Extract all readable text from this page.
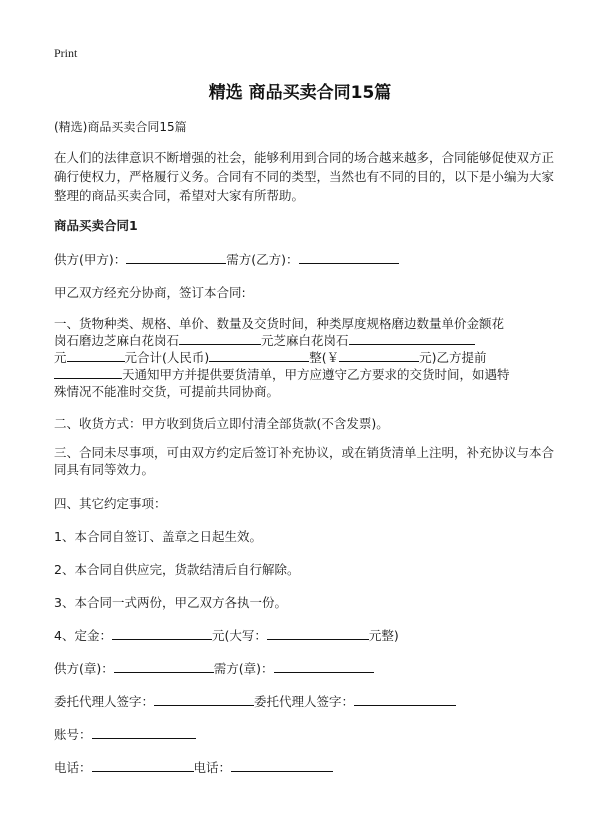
Print
精选 商品买卖合同15篇
(精选)商品买卖合同15篇
在人们的法律意识不断增强的社会，能够利用到合同的场合越来越多，合同能够促使双方正确行使权力，严格履行义务。合同有不同的类型，当然也有不同的目的，以下是小编为大家整理的商品买卖合同，希望对大家有所帮助。
商品买卖合同1
供方(甲方)：	需方(乙方)：
甲乙双方经充分协商，签订本合同:
一、货物种类、规格、单价、数量及交货时间，种类厚度规格磨边数量单价金额花
岗石磨边芝麻白花岗石	元芝麻白花岗石
元	元合计(人民币)	整(￥	元)乙方提前
天通知甲方并提供要货清单，甲方应遵守乙方要求的交货时间，如遇特
殊情况不能准时交货，可提前共同协商。
二、收货方式：甲方收到货后立即付清全部货款(不含发票)。
三、合同未尽事项，可由双方约定后签订补充协议，或在销货清单上注明，补充协议与本合同具有同等效力。
四、其它约定事项：
1、本合同自签订、盖章之日起生效。
2、本合同自供应完，货款结清后自行解除。
3、本合同一式两份，甲乙双方各执一份。
4、定金：	元(大写：	元整)
供方(章)：	需方(章)：
委托代理人签字：	委托代理人签字：
账号：
电话：	电话：
